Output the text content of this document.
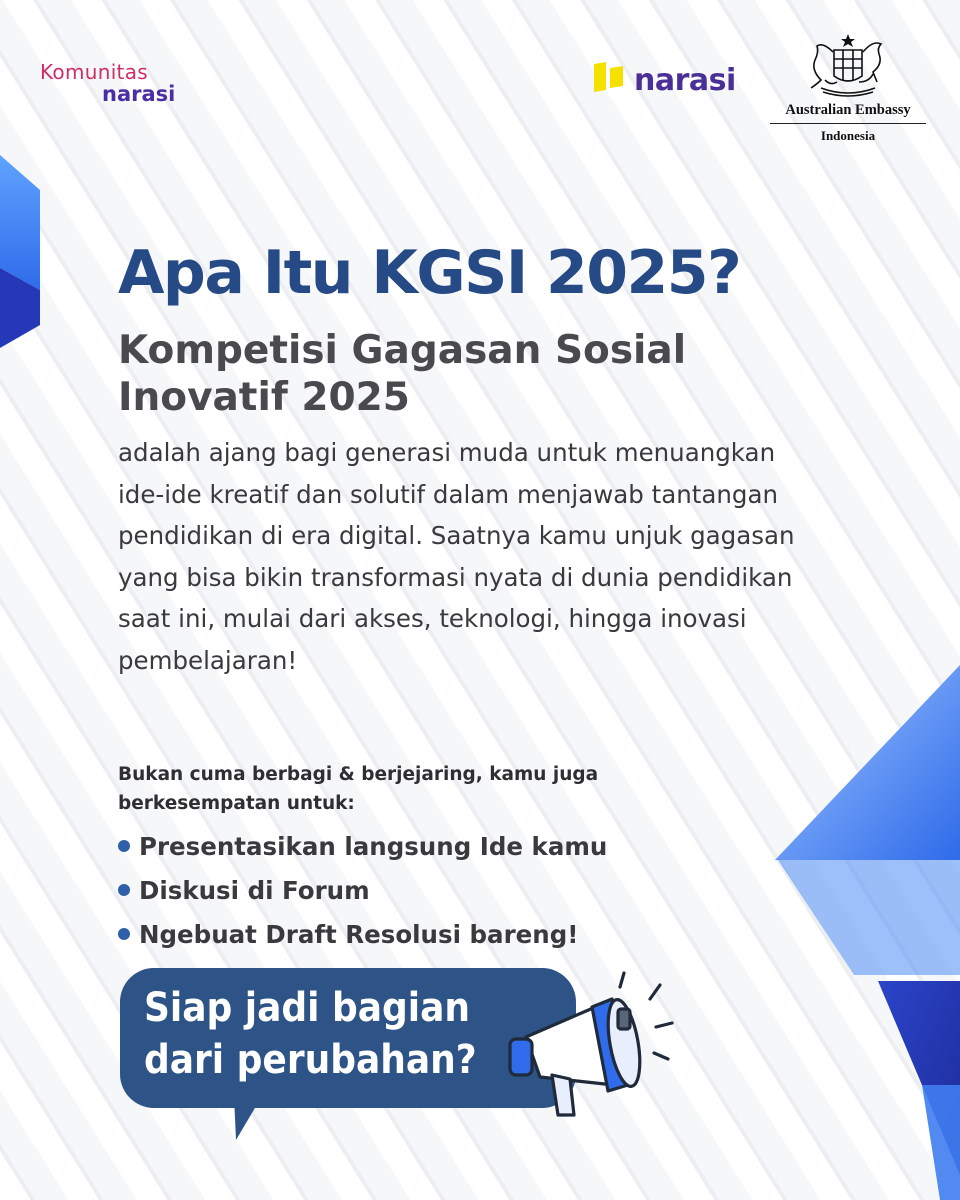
Komunitas
narasi	narasi
Australian Embassy
Indonesia
Apa Itu KGSI 2025?
Kompetisi Gagasan Sosial Inovatif 2025

adalah ajang bagi generasi muda untuk menuangkan ide-ide kreatif dan solutif dalam menjawab tantangan pendidikan di era digital. Saatnya kamu unjuk gagasan yang bisa bikin transformasi nyata di dunia pendidikan saat ini, mulai dari akses, teknologi, hingga inovasi pembelajaran!

Bukan cuma berbagi & berjejaring, kamu juga berkesempatan untuk:

Presentasikan langsung Ide kamu
Diskusi di Forum
Ngebuat Draft Resolusi bareng!

Siap jadi bagian dari perubahan?
